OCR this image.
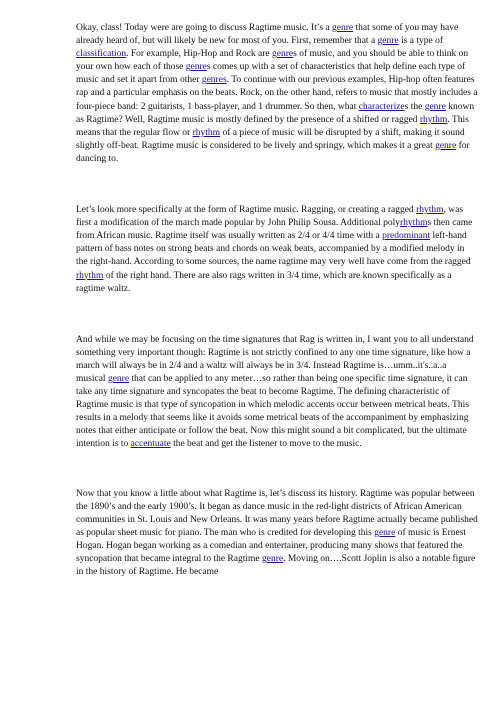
Okay, class! Today were are going to discuss Ragtime music. It’s a genre that some of you may have already heard of, but will likely be new for most of you. First, remember that a genre is a type of classification. For example, Hip-Hop and Rock are genres of music, and you should be able to think on your own how each of those genres comes up with a set of characteristics that help define each type of music and set it apart from other genres. To continue with our previous examples, Hip-hop often features rap and a particular emphasis on the beats. Rock, on the other hand, refers to music that mostly includes a four-piece band: 2 guitarists, 1 bass-player, and 1 drummer. So then, what characterizes the genre known as Ragtime? Well, Ragtime music is mostly defined by the presence of a shifted or ragged rhythm. This means that the regular flow or rhythm of a piece of music will be disrupted by a shift, making it sound slightly off-beat. Ragtime music is considered to be lively and springy, which makes it a great genre for dancing to.

Let’s look more specifically at the form of Ragtime music. Ragging, or creating a ragged rhythm, was first a modification of the march made popular by John Philip Sousa. Additional polyrhythms then came from African music. Ragtime itself was usually written as 2/4 or 4/4 time with a predominant left-hand pattern of bass notes on strong beats and chords on weak beats, accompanied by a modified melody in the right-hand. According to some sources, the name ragtime may very well have come from the ragged rhythm of the right hand. There are also rags written in 3/4 time, which are known specifically as a ragtime waltz.

And while we may be focusing on the time signatures that Rag is written in, I want you to all understand something very important though: Ragtime is not strictly confined to any one time signature, like how a march will always be in 2/4 and a waltz will always be in 3/4. Instead Ragtime is…umm..it's..a..a musical genre that can be applied to any meter…so rather than being one specific time signature, it can take any time signature and syncopates the beat to become Ragtime. The defining characteristic of Ragtime music is that type of syncopation in which melodic accents occur between metrical beats. This results in a melody that seems like it avoids some metrical beats of the accompaniment by emphasizing notes that either anticipate or follow the beat. Now this might sound a bit complicated, but the ultimate intention is to accentuate the beat and get the listener to move to the music.

Now that you know a little about what Ragtime is, let’s discuss its history. Ragtime was popular between the 1890’s and the early 1900’s. It began as dance music in the red-light districts of African American communities in St. Louis and New Orleans. It was many years before Ragtime actually became published as popular sheet music for piano. The man who is credited for developing this genre of music is Ernest Hogan. Hogan began working as a comedian and entertainer, producing many shows that featured the syncopation that became integral to the Ragtime genre. Moving on….Scott Joplin is also a notable figure in the history of Ragtime. He became
